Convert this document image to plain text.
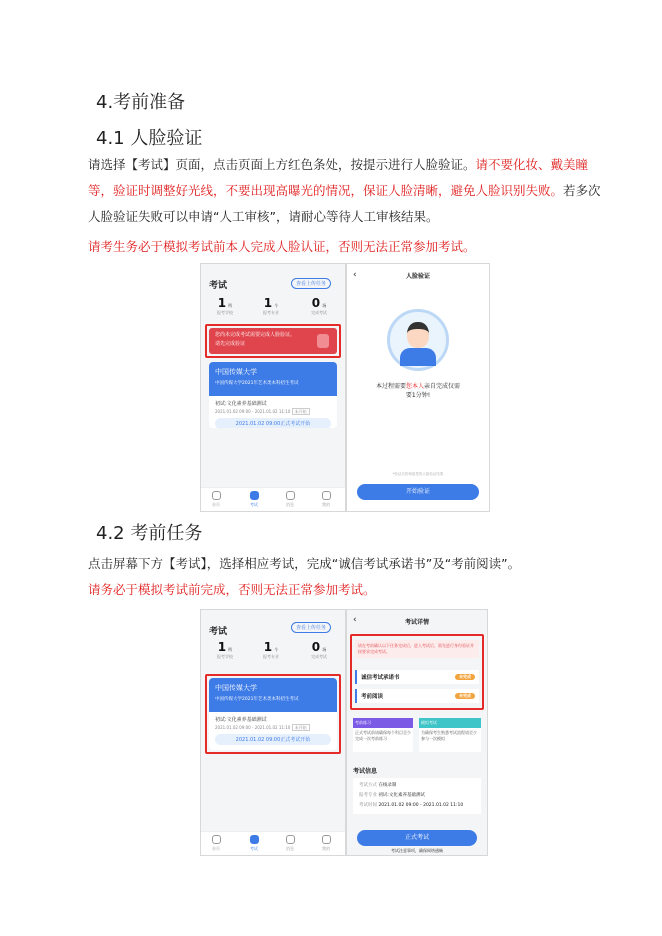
4.考前准备
4.1 人脸验证
请选择【考试】页面，点击页面上方红色条处，按提示进行人脸验证。请不要化妆、戴美瞳等，验证时调整好光线，不要出现高曝光的情况，保证人脸清晰，避免人脸识别失败。若多次人脸验证失败可以申请“人工审核”，请耐心等待人工审核结果。
请考生务必于模拟考试前本人完成人脸认证，否则无法正常参加考试。
考试	查看上传任务
1 所
报考学校
1 个
报考专业
0 场
完成考试
您尚未完成考试需要完成人脸验证。
请先完成验证
中国传媒大学
中国传媒大学2021年艺术类本科招生考试
初试:文化素养基础测试
2021.01.02 09:00 - 2021.01.02 11:10 未开始
2021.01.02 09:00正式考试开始
首页	考试	消息	我的
‹	人脸验证
本过程需要您本人亲自完成仅需
要1分钟!
*验证后将保留您的人脸验证结果
开始验证
4.2 考前任务
点击屏幕下方【考试】，选择相应考试，完成“诚信考试承诺书”及“考前阅读”。
请务必于模拟考试前完成，否则无法正常参加考试。
考试	查看上传任务
1 所
报考学校
1 个
报考专业
0 场
完成考试
中国传媒大学
中国传媒大学2021年艺术类本科招生考试
初试:文化素养基础测试
2021.01.02 09:00 - 2021.01.02 11:10 未开始
2021.01.02 09:00正式考试开始
首页	考试	消息	我的
‹	考试详情
请在考前确认以下任务完成后，进入考试后，需先进行身份验证并按要求完成考试。
诚信考试承诺书	未完成
考前阅读	未完成
考前练习
正式考试前请确保每个科目至少完成一次考前练习
模拟考试
为确保考生熟悉考试流程请至少参与一次模拟
考试信息
考试方式 在线录制
报考专业 初试:文化素养基础测试
考试时间 2021.01.02 09:00 - 2021.01.02 11:10
正式考试
考试注意事项，确保网络通畅
